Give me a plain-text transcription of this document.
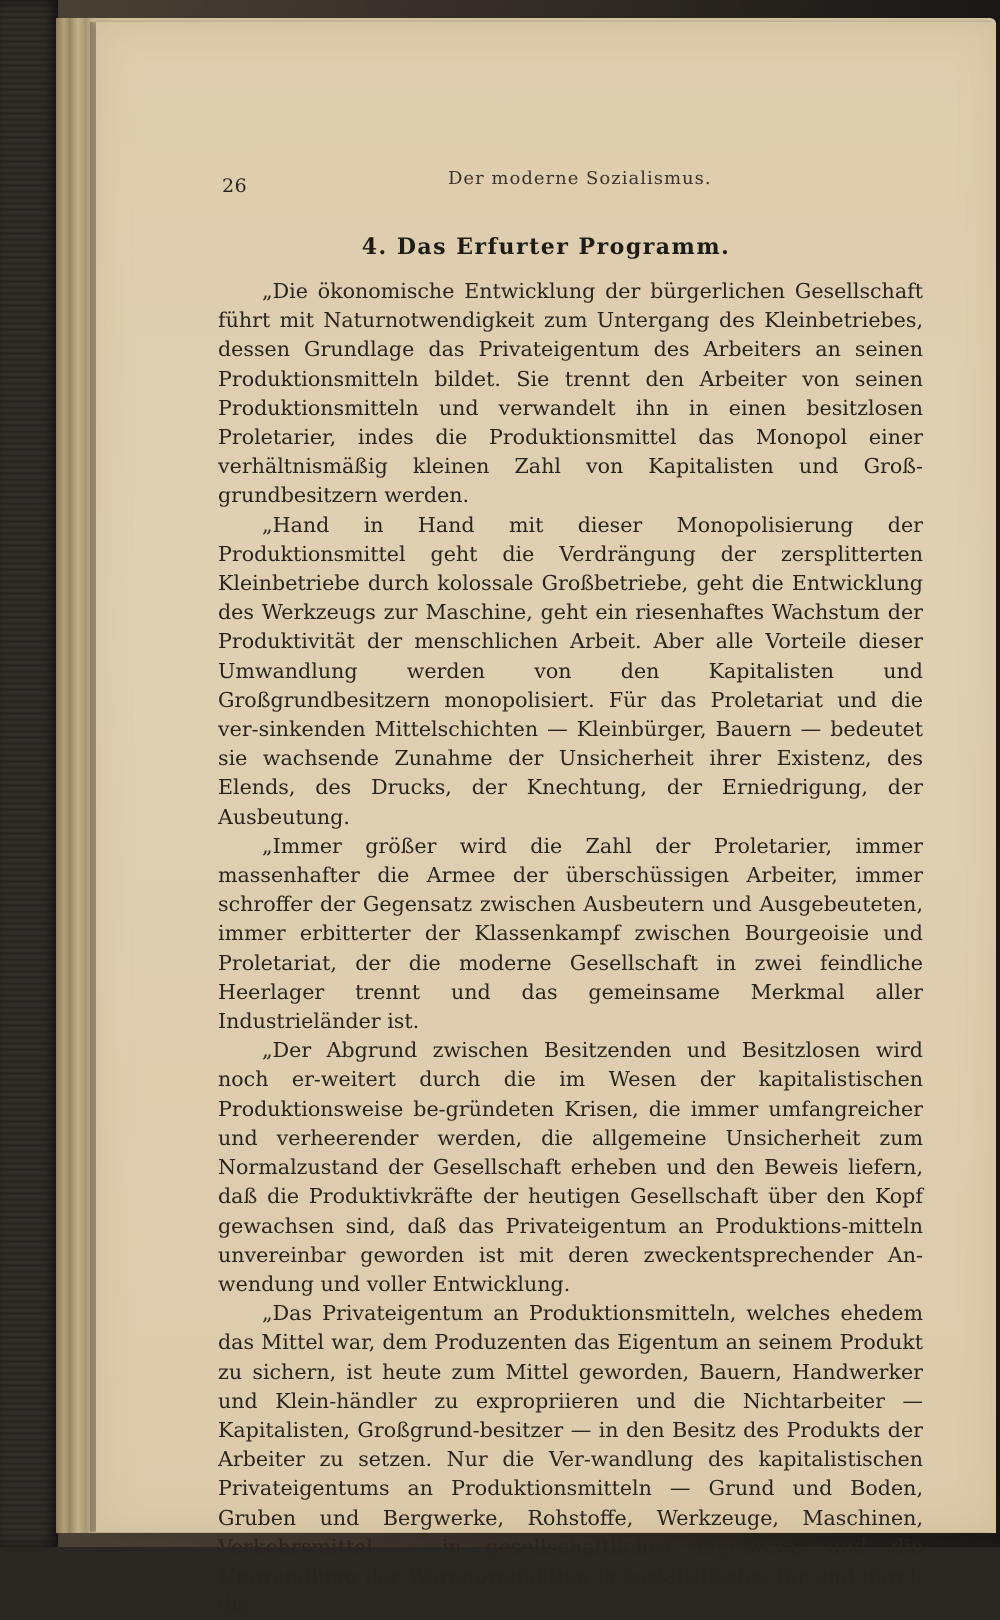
26	Der moderne Sozialismus.
4. Das Erfurter Programm.

„Die ökonomische Entwicklung der bürgerlichen Gesellschaft führt mit Naturnotwendigkeit zum Untergang des Kleinbetriebes, dessen Grundlage das Privateigentum des Arbeiters an seinen Produktionsmitteln bildet. Sie trennt den Arbeiter von seinen Produktionsmitteln und verwandelt ihn in einen besitzlosen Proletarier, indes die Produktionsmittel das Monopol einer verhältnismäßig kleinen Zahl von Kapitalisten und Groß-grundbesitzern werden.

„Hand in Hand mit dieser Monopolisierung der Produktionsmittel geht die Verdrängung der zersplitterten Kleinbetriebe durch kolossale Großbetriebe, geht die Entwicklung des Werkzeugs zur Maschine, geht ein riesenhaftes Wachstum der Produktivität der menschlichen Arbeit. Aber alle Vorteile dieser Umwandlung werden von den Kapitalisten und Großgrundbesitzern monopolisiert. Für das Proletariat und die ver-sinkenden Mittelschichten — Kleinbürger, Bauern — bedeutet sie wachsende Zunahme der Unsicherheit ihrer Existenz, des Elends, des Drucks, der Knechtung, der Erniedrigung, der Ausbeutung.

„Immer größer wird die Zahl der Proletarier, immer massenhafter die Armee der überschüssigen Arbeiter, immer schroffer der Gegensatz zwischen Ausbeutern und Ausgebeuteten, immer erbitterter der Klassenkampf zwischen Bourgeoisie und Proletariat, der die moderne Gesellschaft in zwei feindliche Heerlager trennt und das gemeinsame Merkmal aller Industrieländer ist.

„Der Abgrund zwischen Besitzenden und Besitzlosen wird noch er-weitert durch die im Wesen der kapitalistischen Produktionsweise be-gründeten Krisen, die immer umfangreicher und verheerender werden, die allgemeine Unsicherheit zum Normalzustand der Gesellschaft erheben und den Beweis liefern, daß die Produktivkräfte der heutigen Gesellschaft über den Kopf gewachsen sind, daß das Privateigentum an Produktions-mitteln unvereinbar geworden ist mit deren zweckentsprechender An-wendung und voller Entwicklung.

„Das Privateigentum an Produktionsmitteln, welches ehedem das Mittel war, dem Produzenten das Eigentum an seinem Produkt zu sichern, ist heute zum Mittel geworden, Bauern, Handwerker und Klein-händler zu expropriieren und die Nichtarbeiter — Kapitalisten, Großgrund-besitzer — in den Besitz des Produkts der Arbeiter zu setzen. Nur die Ver-wandlung des kapitalistischen Privateigentums an Produktionsmitteln — Grund und Boden, Gruben und Bergwerke, Rohstoffe, Werkzeuge, Maschinen, Verkehrsmittel — in gesellschaftliches Eigentum, und die Umwandlung der Warenproduktion in sozialistische, für und durch die
